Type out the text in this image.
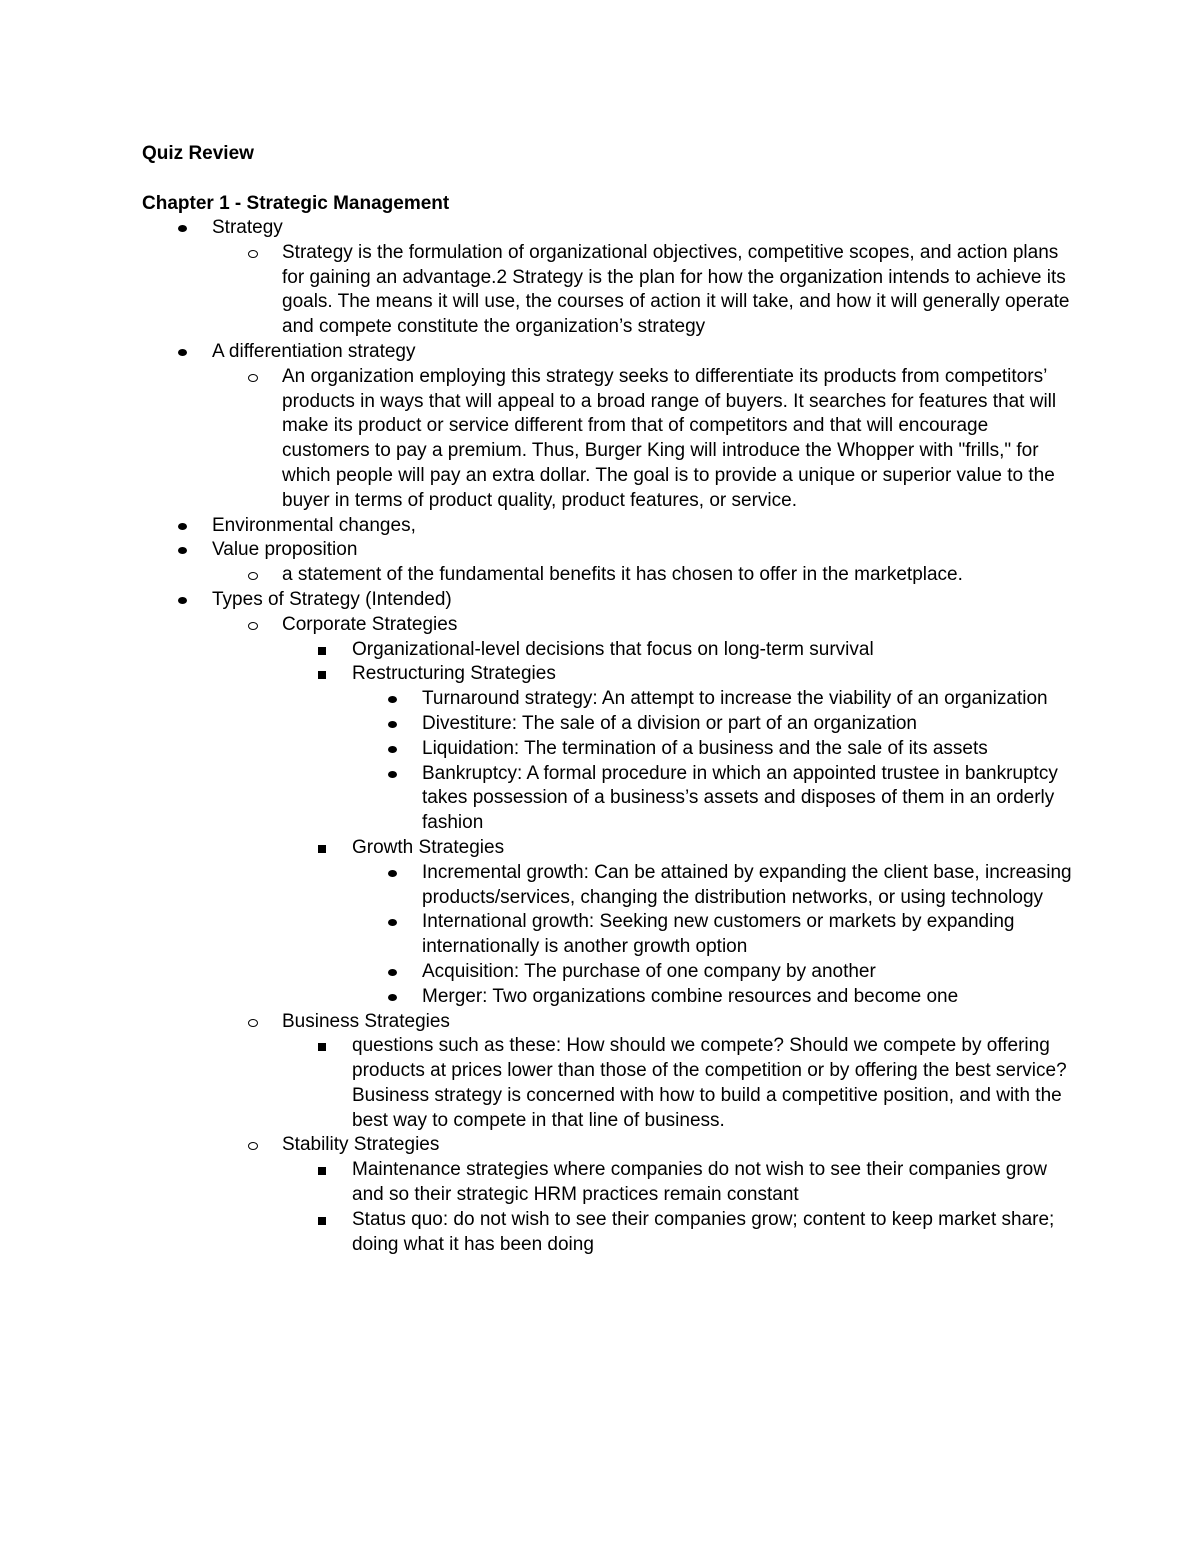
Quiz Review
Chapter 1 - Strategic Management
Strategy
Strategy is the formulation of organizational objectives, competitive scopes, and action plans for gaining an advantage.2 Strategy is the plan for how the organization intends to achieve its goals. The means it will use, the courses of action it will take, and how it will generally operate and compete constitute the organization’s strategy
A differentiation strategy
An organization employing this strategy seeks to differentiate its products from competitors’ products in ways that will appeal to a broad range of buyers. It searches for features that will make its product or service different from that of competitors and that will encourage customers to pay a premium. Thus, Burger King will introduce the Whopper with "frills," for which people will pay an extra dollar. The goal is to provide a unique or superior value to the buyer in terms of product quality, product features, or service.
Environmental changes,
Value proposition
a statement of the fundamental benefits it has chosen to offer in the marketplace.
Types of Strategy (Intended)
Corporate Strategies
Organizational-level decisions that focus on long-term survival
Restructuring Strategies
Turnaround strategy: An attempt to increase the viability of an organization
Divestiture: The sale of a division or part of an organization
Liquidation: The termination of a business and the sale of its assets
Bankruptcy: A formal procedure in which an appointed trustee in bankruptcy takes possession of a business’s assets and disposes of them in an orderly fashion
Growth Strategies
Incremental growth: Can be attained by expanding the client base, increasing products/services, changing the distribution networks, or using technology
International growth: Seeking new customers or markets by expanding internationally is another growth option
Acquisition: The purchase of one company by another
Merger: Two organizations combine resources and become one
Business Strategies
questions such as these: How should we compete? Should we compete by offering products at prices lower than those of the competition or by offering the best service? Business strategy is concerned with how to build a competitive position, and with the best way to compete in that line of business.
Stability Strategies
Maintenance strategies where companies do not wish to see their companies grow and so their strategic HRM practices remain constant
Status quo: do not wish to see their companies grow; content to keep market share; doing what it has been doing
